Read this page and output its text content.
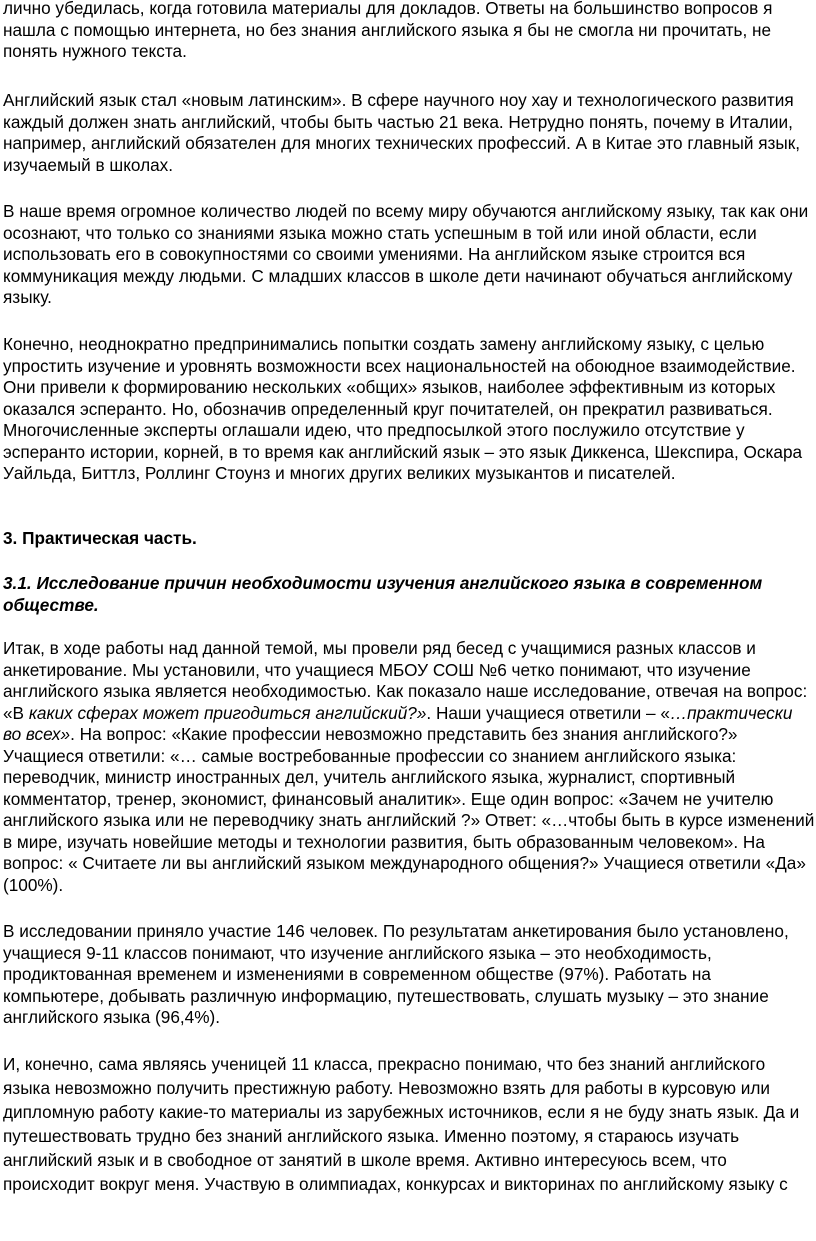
лично убедилась, когда готовила материалы для докладов. Ответы на большинство вопросов я нашла с помощью интернета, но без знания английского языка я бы не смогла ни прочитать, не понять нужного текста.

Английский язык стал «новым латинским». В сфере научного ноу хау и технологического развития каждый должен знать английский, чтобы быть частью 21 века. Нетрудно понять, почему в Италии, например, английский обязателен для многих технических профессий. А в Китае это главный язык, изучаемый в школах.

В наше время огромное количество людей по всему миру обучаются английскому языку, так как они осознают, что только со знаниями языка можно стать успешным в той или иной области, если использовать его в совокупностями со своими умениями. На английском языке строится вся коммуникация между людьми. С младших классов в школе дети начинают обучаться английскому языку.

Конечно, неоднократно предпринимались попытки создать замену английскому языку, с целью упростить изучение и уровнять возможности всех национальностей на обоюдное взаимодействие. Они привели к формированию нескольких «общих» языков, наиболее эффективным из которых оказался эсперанто. Но, обозначив определенный круг почитателей, он прекратил развиваться. Многочисленные эксперты оглашали идею, что предпосылкой этого послужило отсутствие у эсперанто истории, корней, в то время как английский язык – это язык Диккенса, Шекспира, Оскара Уайльда, Биттлз, Роллинг Стоунз и многих других великих музыкантов и писателей.

3. Практическая часть.

3.1. Исследование причин необходимости изучения английского языка в современном обществе.

Итак, в ходе работы над данной темой, мы провели ряд бесед с учащимися разных классов и анкетирование. Мы установили, что учащиеся МБОУ СОШ №6 четко понимают, что изучение английского языка является необходимостью. Как показало наше исследование, отвечая на вопрос: «В каких сферах может пригодиться английский?». Наши учащиеся ответили – «…практически во всех». На вопрос: «Какие профессии невозможно представить без знания английского?» Учащиеся ответили: «… самые востребованные профессии со знанием английского языка: переводчик, министр иностранных дел, учитель английского языка, журналист, спортивный комментатор, тренер, экономист, финансовый аналитик». Еще один вопрос: «Зачем не учителю английского языка или не переводчику знать английский ?» Ответ: «…чтобы быть в курсе изменений в мире, изучать новейшие методы и технологии развития, быть образованным человеком». На вопрос: « Считаете ли вы английский языком международного общения?» Учащиеся ответили «Да» (100%).

В исследовании приняло участие 146 человек. По результатам анкетирования было установлено, учащиеся 9-11 классов понимают, что изучение английского языка – это необходимость, продиктованная временем и изменениями в современном обществе (97%). Работать на компьютере, добывать различную информацию, путешествовать, слушать музыку – это знание английского языка (96,4%).

И, конечно, сама являясь ученицей 11 класса, прекрасно понимаю, что без знаний английского языка невозможно получить престижную работу. Невозможно взять для работы в курсовую или дипломную работу какие-то материалы из зарубежных источников, если я не буду знать язык. Да и путешествовать трудно без знаний английского языка. Именно поэтому, я стараюсь изучать английский язык и в свободное от занятий в школе время. Активно интересуюсь всем, что происходит вокруг меня. Участвую в олимпиадах, конкурсах и викторинах по английскому языку с
